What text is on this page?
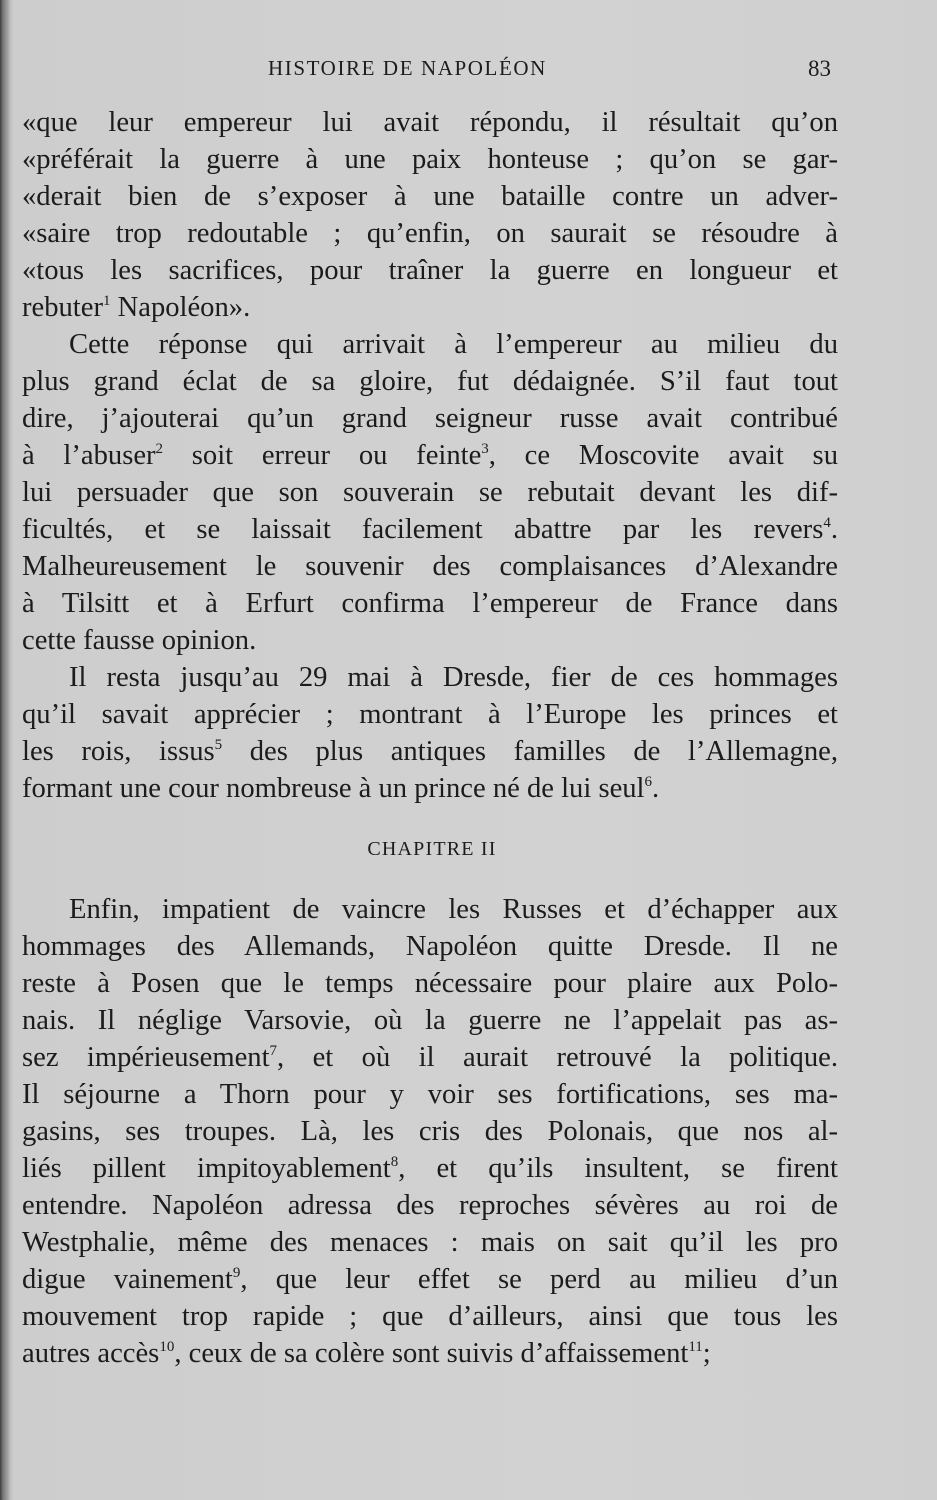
HISTOIRE DE NAPOLÉON	83
«que leur empereur lui avait répondu, il résultait qu’on
«préférait la guerre à une paix honteuse ; qu’on se gar-
«derait bien de s’exposer à une bataille contre un adver-
«saire trop redoutable ; qu’enfin, on saurait se résoudre à
«tous les sacrifices, pour traîner la guerre en longueur et
rebuter$^1$ Napoléon».
Cette réponse qui arrivait à l’empereur au milieu du
plus grand éclat de sa gloire, fut dédaignée. S’il faut tout
dire, j’ajouterai qu’un grand seigneur russe avait contribué
à l’abuser$^2$ soit erreur ou feinte$^3$, ce Moscovite avait su
lui persuader que son souverain se rebutait devant les dif-
ficultés, et se laissait facilement abattre par les revers$^4$.
Malheureusement le souvenir des complaisances d’Alexandre
à Tilsitt et à Erfurt confirma l’empereur de France dans
cette fausse opinion.
Il resta jusqu’au 29 mai à Dresde, fier de ces hommages
qu’il savait apprécier ; montrant à l’Europe les princes et
les rois, issus$^5$ des plus antiques familles de l’Allemagne,
formant une cour nombreuse à un prince né de lui seul$^6$.
CHAPITRE II
Enfin, impatient de vaincre les Russes et d’échapper aux
hommages des Allemands, Napoléon quitte Dresde. Il ne
reste à Posen que le temps nécessaire pour plaire aux Polo-
nais. Il néglige Varsovie, où la guerre ne l’appelait pas as-
sez impérieusement$^7$, et où il aurait retrouvé la politique.
Il séjourne a Thorn pour y voir ses fortifications, ses ma-
gasins, ses troupes. Là, les cris des Polonais, que nos al-
liés pillent impitoyablement$^8$, et qu’ils insultent, se firent
entendre. Napoléon adressa des reproches sévères au roi de
Westphalie, même des menaces : mais on sait qu’il les pro
digue vainement$^9$, que leur effet se perd au milieu d’un
mouvement trop rapide ; que d’ailleurs, ainsi que tous les
autres accès$^{10}$, ceux de sa colère sont suivis d’affaissement$^{11}$;
